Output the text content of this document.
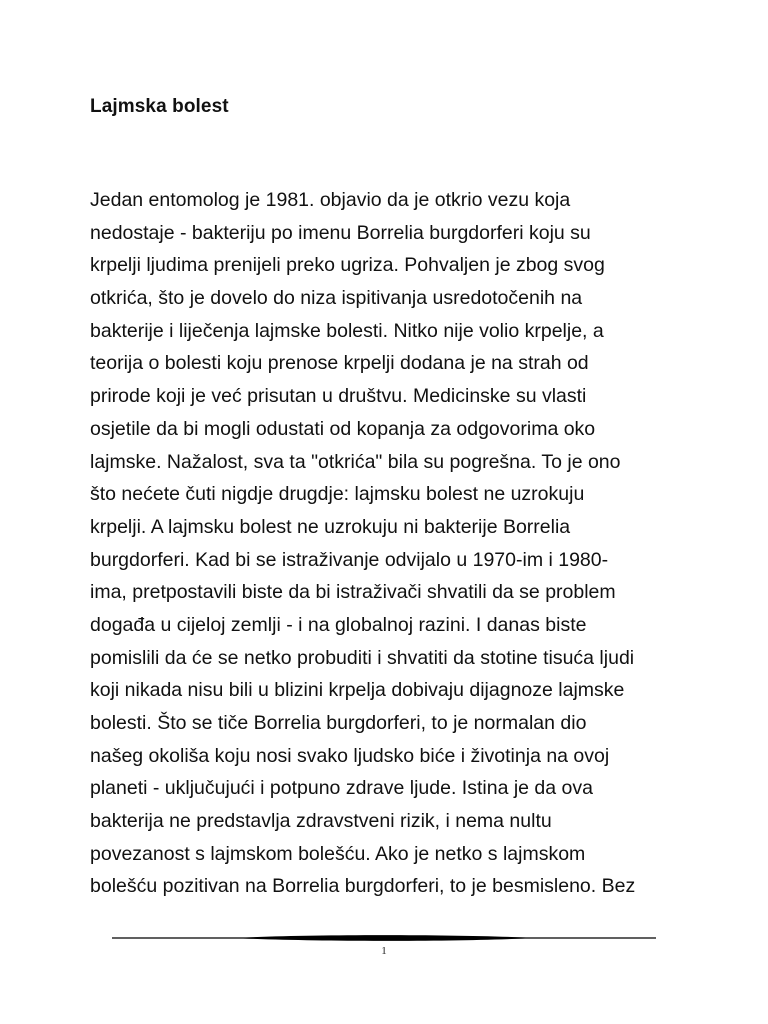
Lajmska bolest
Jedan entomolog je 1981. objavio da je otkrio vezu koja
nedostaje - bakteriju po imenu Borrelia burgdorferi koju su
krpelji ljudima prenijeli preko ugriza. Pohvaljen je zbog svog
otkrića, što je dovelo do niza ispitivanja usredotočenih na
bakterije i liječenja lajmske bolesti. Nitko nije volio krpelje, a
teorija o bolesti koju prenose krpelji dodana je na strah od
prirode koji je već prisutan u društvu. Medicinske su vlasti
osjetile da bi mogli odustati od kopanja za odgovorima oko
lajmske. Nažalost, sva ta "otkrića" bila su pogrešna. To je ono
što nećete čuti nigdje drugdje: lajmsku bolest ne uzrokuju
krpelji. A lajmsku bolest ne uzrokuju ni bakterije Borrelia
burgdorferi. Kad bi se istraživanje odvijalo u 1970-im i 1980-
ima, pretpostavili biste da bi istraživači shvatili da se problem
događa u cijeloj zemlji - i na globalnoj razini. I danas biste
pomislili da će se netko probuditi i shvatiti da stotine tisuća ljudi
koji nikada nisu bili u blizini krpelja dobivaju dijagnoze lajmske
bolesti. Što se tiče Borrelia burgdorferi, to je normalan dio
našeg okoliša koju nosi svako ljudsko biće i životinja na ovoj
planeti - uključujući i potpuno zdrave ljude. Istina je da ova
bakterija ne predstavlja zdravstveni rizik, i nema nultu
povezanost s lajmskom bolešću. Ako je netko s lajmskom
bolešću pozitivan na Borrelia burgdorferi, to je besmisleno. Bez
1
